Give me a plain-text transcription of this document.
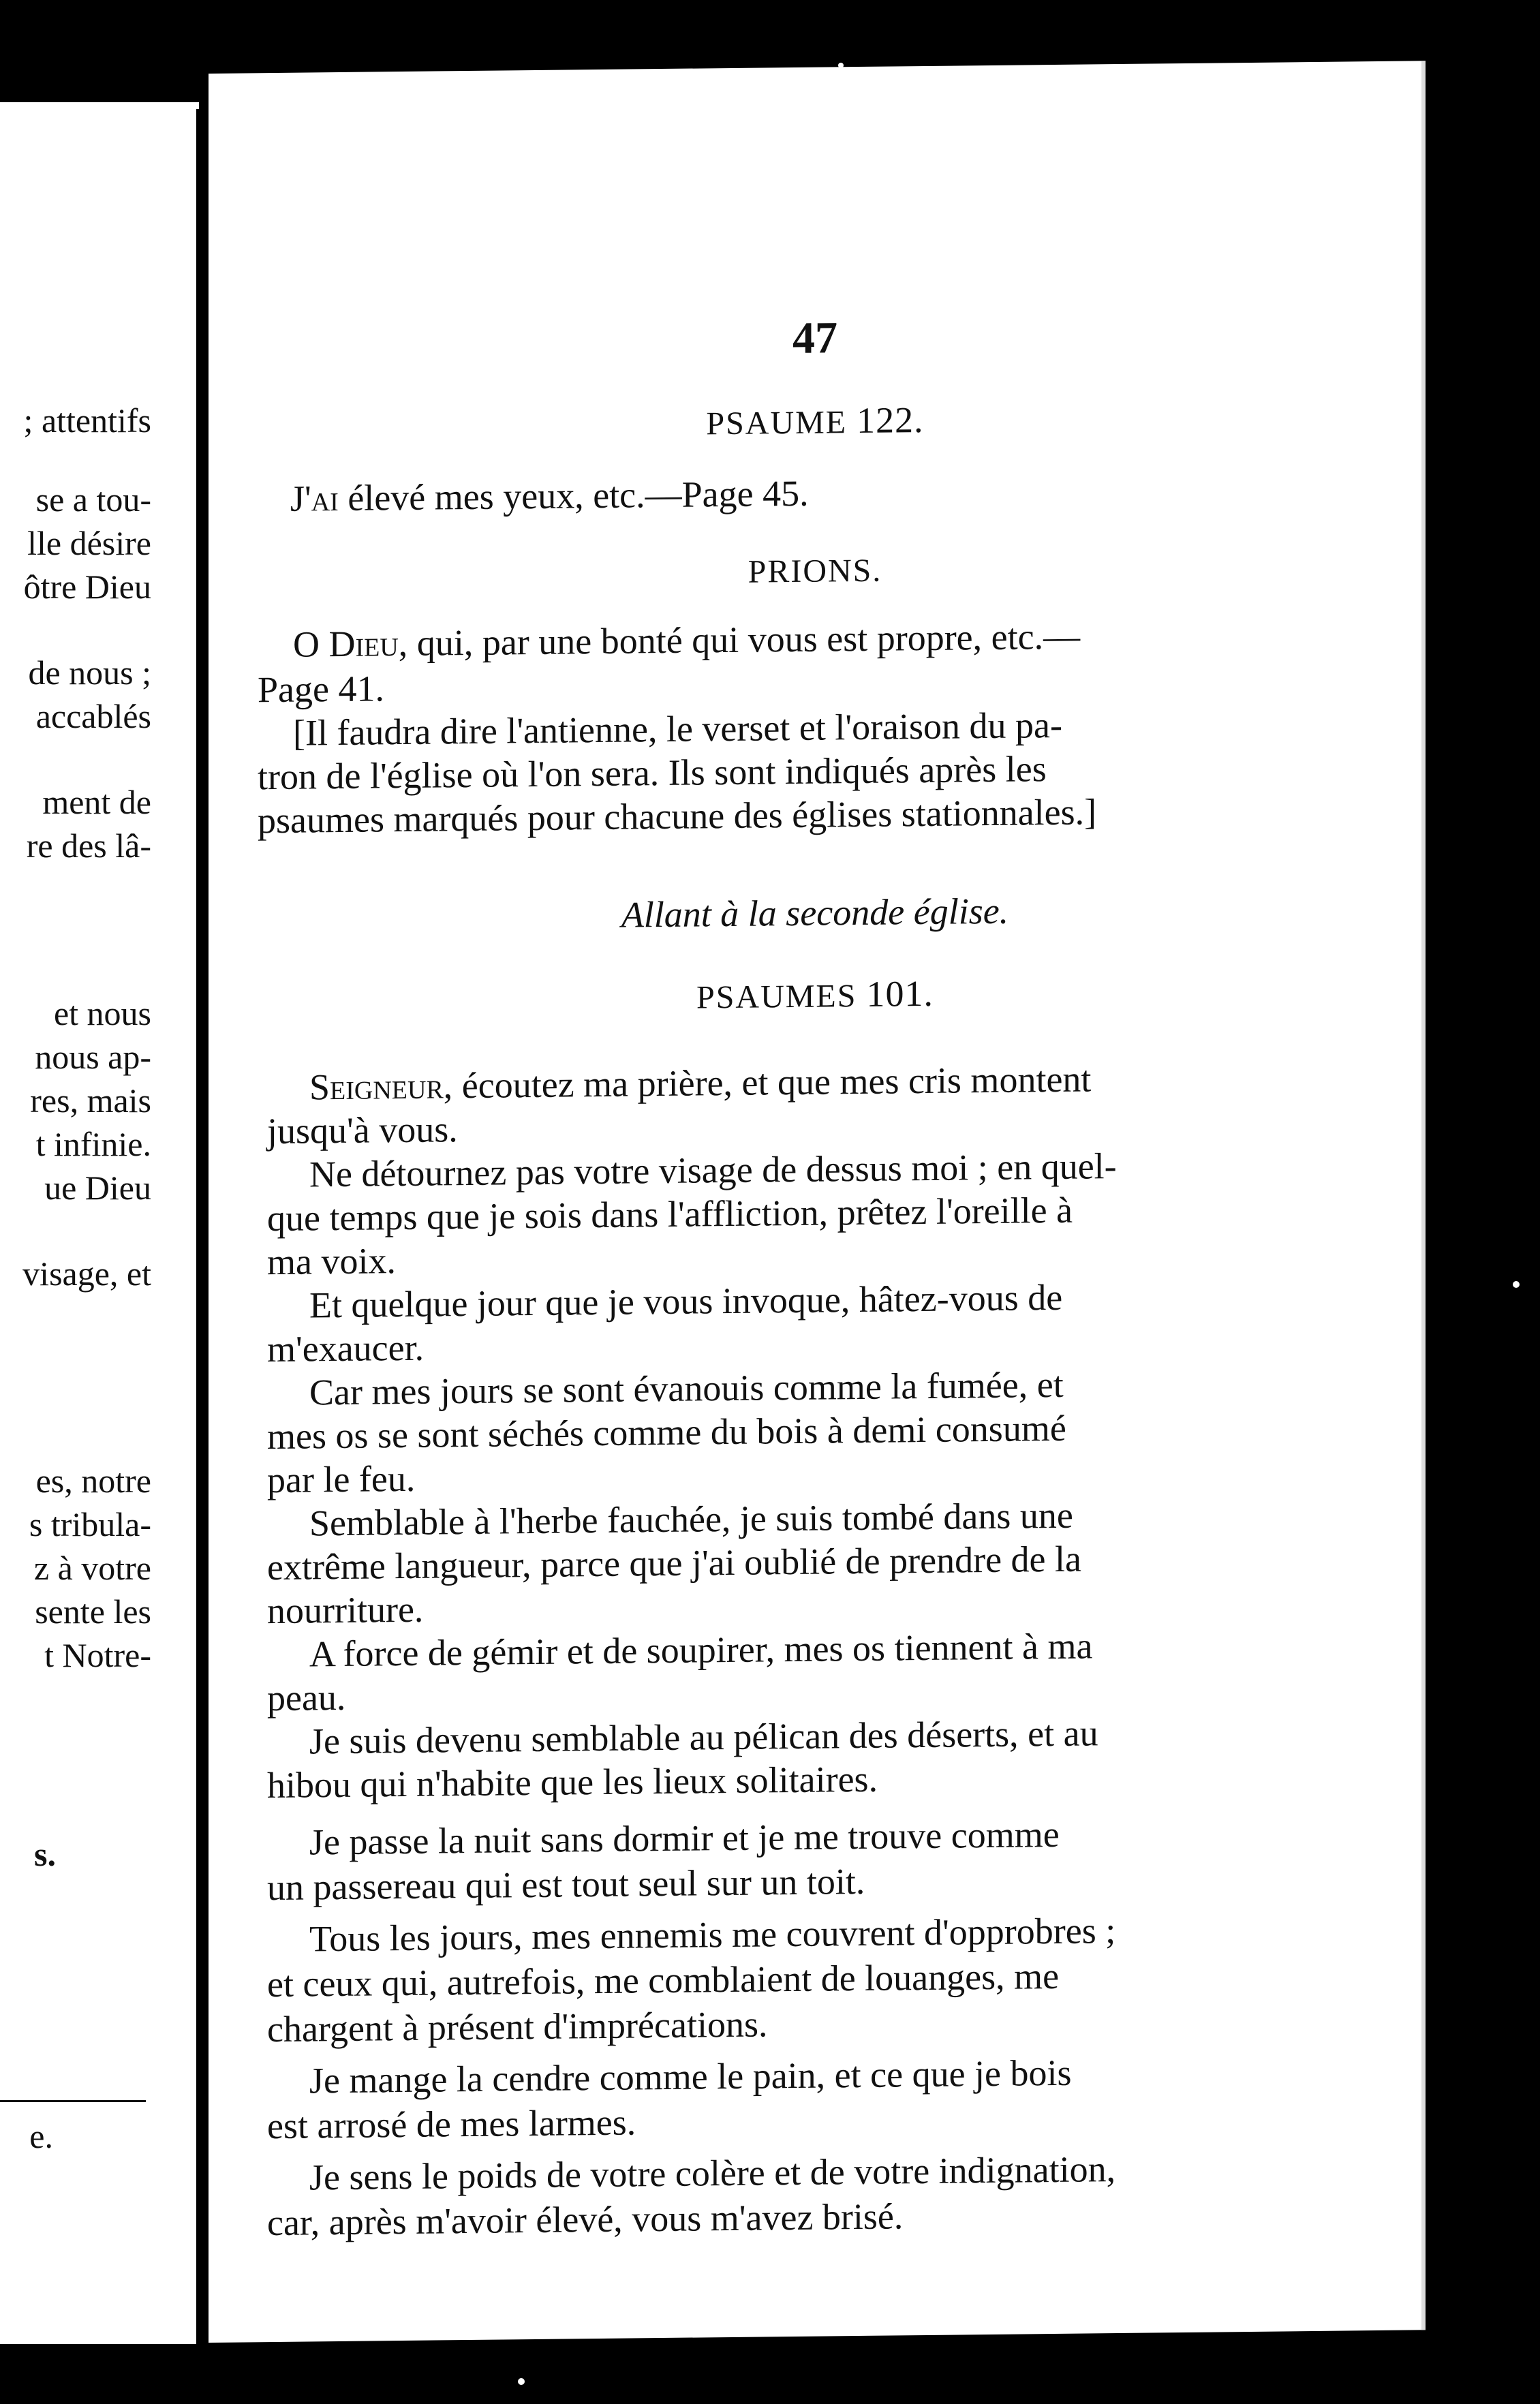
; attentifs
se a tou-
lle désire
ôtre Dieu
de nous ;
accablés
ment de
re des lâ-
et nous
nous ap-
res, mais
t infinie.
ue Dieu
visage, et
es, notre
s tribula-
z à votre
sente les
t Notre-
s.
e.
47
PSAUME 122.
J'ai élevé mes yeux, etc.—Page 45.
PRIONS.
O Dieu, qui, par une bonté qui vous est propre, etc.—
Page 41.
[Il faudra dire l'antienne, le verset et l'oraison du pa-
tron de l'église où l'on sera. Ils sont indiqués après les
psaumes marqués pour chacune des églises stationnales.]
Allant à la seconde église.
PSAUMES 101.
Seigneur, écoutez ma prière, et que mes cris montent
jusqu'à vous.
Ne détournez pas votre visage de dessus moi ; en quel-
que temps que je sois dans l'affliction, prêtez l'oreille à
ma voix.
Et quelque jour que je vous invoque, hâtez-vous de
m'exaucer.
Car mes jours se sont évanouis comme la fumée, et
mes os se sont séchés comme du bois à demi consumé
par le feu.
Semblable à l'herbe fauchée, je suis tombé dans une
extrême langueur, parce que j'ai oublié de prendre de la
nourriture.
A force de gémir et de soupirer, mes os tiennent à ma
peau.
Je suis devenu semblable au pélican des déserts, et au
hibou qui n'habite que les lieux solitaires.
Je passe la nuit sans dormir et je me trouve comme
un passereau qui est tout seul sur un toit.
Tous les jours, mes ennemis me couvrent d'opprobres ;
et ceux qui, autrefois, me comblaient de louanges, me
chargent à présent d'imprécations.
Je mange la cendre comme le pain, et ce que je bois
est arrosé de mes larmes.
Je sens le poids de votre colère et de votre indignation,
car, après m'avoir élevé, vous m'avez brisé.
